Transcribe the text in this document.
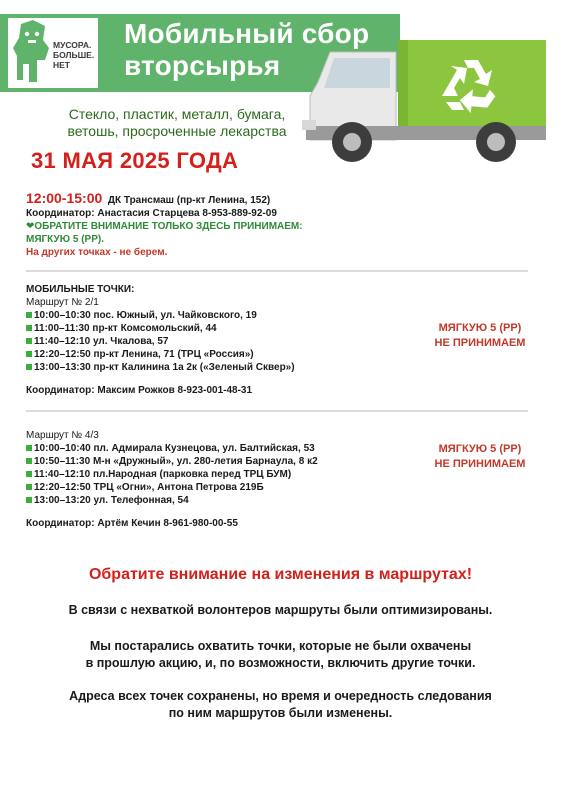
МУСОРА. БОЛЬШЕ. НЕТ
Мобильный сбор
вторсырья
Стекло, пластик, металл, бумага,
ветошь, просроченные лекарства
31 МАЯ 2025 ГОДА
12:00-15:00 ДК Трансмаш (пр-кт Ленина, 152)
Координатор: Анастасия Старцева 8-953-889-92-09
❤ОБРАТИТЕ ВНИМАНИЕ ТОЛЬКО ЗДЕСЬ ПРИНИМАЕМ:
МЯГКУЮ 5 (PP).
На других точках - не берем.
МОБИЛЬНЫЕ ТОЧКИ:
Маршрут № 2/1
10:00–10:30 пос. Южный, ул. Чайковского, 19
11:00–11:30 пр-кт Комсомольский, 44
11:40–12:10 ул. Чкалова, 57
12:20–12:50 пр-кт Ленина, 71 (ТРЦ «Россия»)
13:00–13:30 пр-кт Калинина 1а 2к («Зеленый Сквер»)
Координатор: Максим Рожков 8-923-001-48-31
МЯГКУЮ 5 (РР)
НЕ ПРИНИМАЕМ
Маршрут № 4/3
10:00–10:40 пл. Адмирала Кузнецова, ул. Балтийская, 53
10:50–11:30 М-н «Дружный», ул. 280-летия Барнаула, 8 к2
11:40–12:10 пл.Народная (парковка перед ТРЦ БУМ)
12:20–12:50 ТРЦ «Огни», Антона Петрова 219Б
13:00–13:20 ул. Телефонная, 54
Координатор: Артём Кечин 8-961-980-00-55
МЯГКУЮ 5 (РР)
НЕ ПРИНИМАЕМ
Обратите внимание на изменения в маршрутах!
В связи с нехваткой волонтеров маршруты были оптимизированы.
Мы постарались охватить точки, которые не были охвачены
в прошлую акцию, и, по возможности, включить другие точки.
Адреса всех точек сохранены, но время и очередность следования
по ним маршрутов были изменены.
